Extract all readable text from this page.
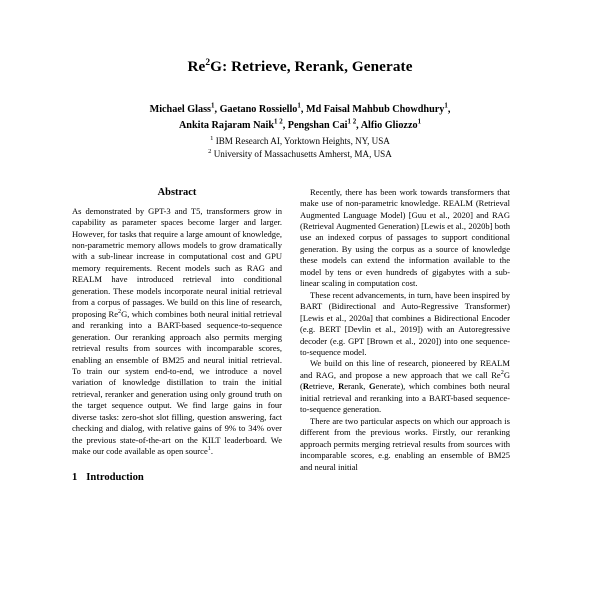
Re$^2$G: Retrieve, Rerank, Generate
Michael Glass$^1$, Gaetano Rossiello$^1$, Md Faisal Mahbub Chowdhury$^1$,
Ankita Rajaram Naik$^{1 2}$, Pengshan Cai$^{1 2}$, Alfio Gliozzo$^1$
$^1$ IBM Research AI, Yorktown Heights, NY, USA
$^2$ University of Massachusetts Amherst, MA, USA
Abstract

As demonstrated by GPT-3 and T5, transformers grow in capability as parameter spaces become larger and larger. However, for tasks that require a large amount of knowledge, non-parametric memory allows models to grow dramatically with a sub-linear increase in computational cost and GPU memory requirements. Recent models such as RAG and REALM have introduced retrieval into conditional generation. These models incorporate neural initial retrieval from a corpus of passages. We build on this line of research, proposing Re$^2$G, which combines both neural initial retrieval and reranking into a BART-based sequence-to-sequence generation. Our reranking approach also permits merging retrieval results from sources with incomparable scores, enabling an ensemble of BM25 and neural initial retrieval. To train our system end-to-end, we introduce a novel variation of knowledge distillation to train the initial retrieval, reranker and generation using only ground truth on the target sequence output. We find large gains in four diverse tasks: zero-shot slot filling, question answering, fact checking and dialog, with relative gains of 9% to 34% over the previous state-of-the-art on the KILT leaderboard. We make our code available as open source$^1$.

1 Introduction

Recently, there has been work towards transformers that make use of non-parametric knowledge. REALM (Retrieval Augmented Language Model) [Guu et al., 2020] and RAG (Retrieval Augmented Generation) [Lewis et al., 2020b] both use an indexed corpus of passages to support conditional generation. By using the corpus as a source of knowledge these models can extend the information available to the model by tens or even hundreds of gigabytes with a sub-linear scaling in computation cost.

These recent advancements, in turn, have been inspired by BART (Bidirectional and Auto-Regressive Transformer) [Lewis et al., 2020a] that combines a Bidirectional Encoder (e.g. BERT [Devlin et al., 2019]) with an Autoregressive decoder (e.g. GPT [Brown et al., 2020]) into one sequence-to-sequence model.

We build on this line of research, pioneered by REALM and RAG, and propose a new approach that we call Re$^2$G (Retrieve, Rerank, Generate), which combines both neural initial retrieval and reranking into a BART-based sequence-to-sequence generation.

There are two particular aspects on which our approach is different from the previous works. Firstly, our reranking approach permits merging retrieval results from sources with incomparable scores, e.g. enabling an ensemble of BM25 and neural initial
